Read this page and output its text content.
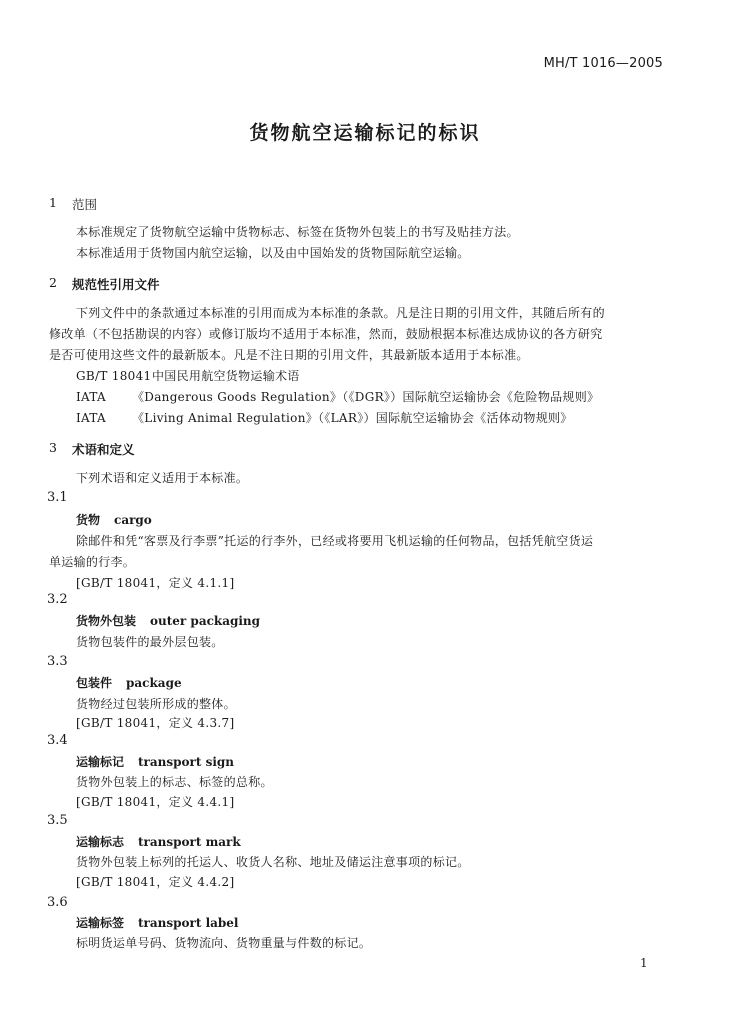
MH/T 1016—2005
货物航空运输标记的标识
1 范围
本标准规定了货物航空运输中货物标志、标签在货物外包装上的书写及贴挂方法。
本标准适用于货物国内航空运输，以及由中国始发的货物国际航空运输。
2 规范性引用文件
下列文件中的条款通过本标准的引用而成为本标准的条款。凡是注日期的引用文件，其随后所有的
修改单（不包括勘误的内容）或修订版均不适用于本标准，然而，鼓励根据本标准达成协议的各方研究
是否可使用这些文件的最新版本。凡是不注日期的引用文件，其最新版本适用于本标准。
GB/T 18041中国民用航空货物运输术语
IATA 《Dangerous Goods Regulation》（《DGR》）国际航空运输协会《危险物品规则》
IATA 《Living Animal Regulation》（《LAR》）国际航空运输协会《活体动物规则》
3 术语和定义
下列术语和定义适用于本标准。
3.1
货物 cargo
除邮件和凭“客票及行李票”托运的行李外，已经或将要用飞机运输的任何物品，包括凭航空货运
单运输的行李。
[GB/T 18041，定义 4.1.1]
3.2
货物外包装 outer packaging
货物包装件的最外层包装。
3.3
包装件 package
货物经过包装所形成的整体。
[GB/T 18041，定义 4.3.7]
3.4
运输标记 transport sign
货物外包装上的标志、标签的总称。
[GB/T 18041，定义 4.4.1]
3.5
运输标志 transport mark
货物外包装上标列的托运人、收货人名称、地址及储运注意事项的标记。
[GB/T 18041，定义 4.4.2]
3.6
运输标签 transport label
标明货运单号码、货物流向、货物重量与件数的标记。
1
